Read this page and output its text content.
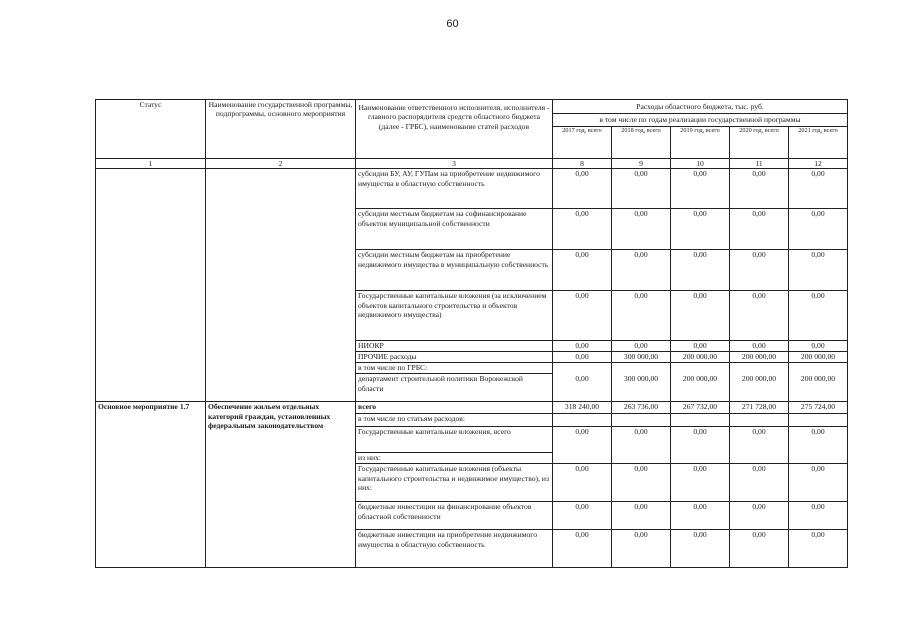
60
Статус	Наименование государственной программы, подпрограммы, основного мероприятия	Наименование ответственного исполнителя, исполнителя - главного распорядителя средств областного бюджета (далее - ГРБС), наименование статей расходов	Расходы областного бюджета, тыс. руб.				
			в том числе по годам реализации государственной программы				
			2017 год, всего	2018 год, всего	2019 год, всего	2020 год, всего	2021 год, всего
1	2	3	8	9	10	11	12
		субсидии БУ, АУ, ГУПам на приобретение недвижимого имущества в областную собственность	0,00	0,00	0,00	0,00	0,00
		субсидии местным бюджетам на софинансирование объектов муниципальной собственности	0,00	0,00	0,00	0,00	0,00
		субсидии местным бюджетам на приобретение недвижимого имущества в муниципальную собственность	0,00	0,00	0,00	0,00	0,00
		Государственные капитальные вложения (за исключением объектов капитального строительства и объектов недвижимого имущества)	0,00	0,00	0,00	0,00	0,00
		НИОКР	0,00	0,00	0,00	0,00	0,00
		ПРОЧИЕ расходы	0,00	300 000,00	200 000,00	200 000,00	200 000,00
		в том числе по ГРБС:					
		департамент строительной политики Воронежской области	0,00	300 000,00	200 000,00	200 000,00	200 000,00
Основное мероприятие 1.7	Обеспечение жильем отдельных категорий граждан, установленных федеральным законодательством	всего	318 240,00	263 736,00	267 732,00	271 728,00	275 724,00
		в том числе по статьям расходов:					
		Государственные капитальные вложения, всего	0,00	0,00	0,00	0,00	0,00
		из них:					
		Государственные капитальные вложения (объекты капитального строительства и недвижимое имущество), из них:	0,00	0,00	0,00	0,00	0,00
		бюджетные инвестиции на финансирование объектов областной собственности	0,00	0,00	0,00	0,00	0,00
		бюджетные инвестиции на приобретение недвижимого имущества в областную собственность	0,00	0,00	0,00	0,00	0,00
